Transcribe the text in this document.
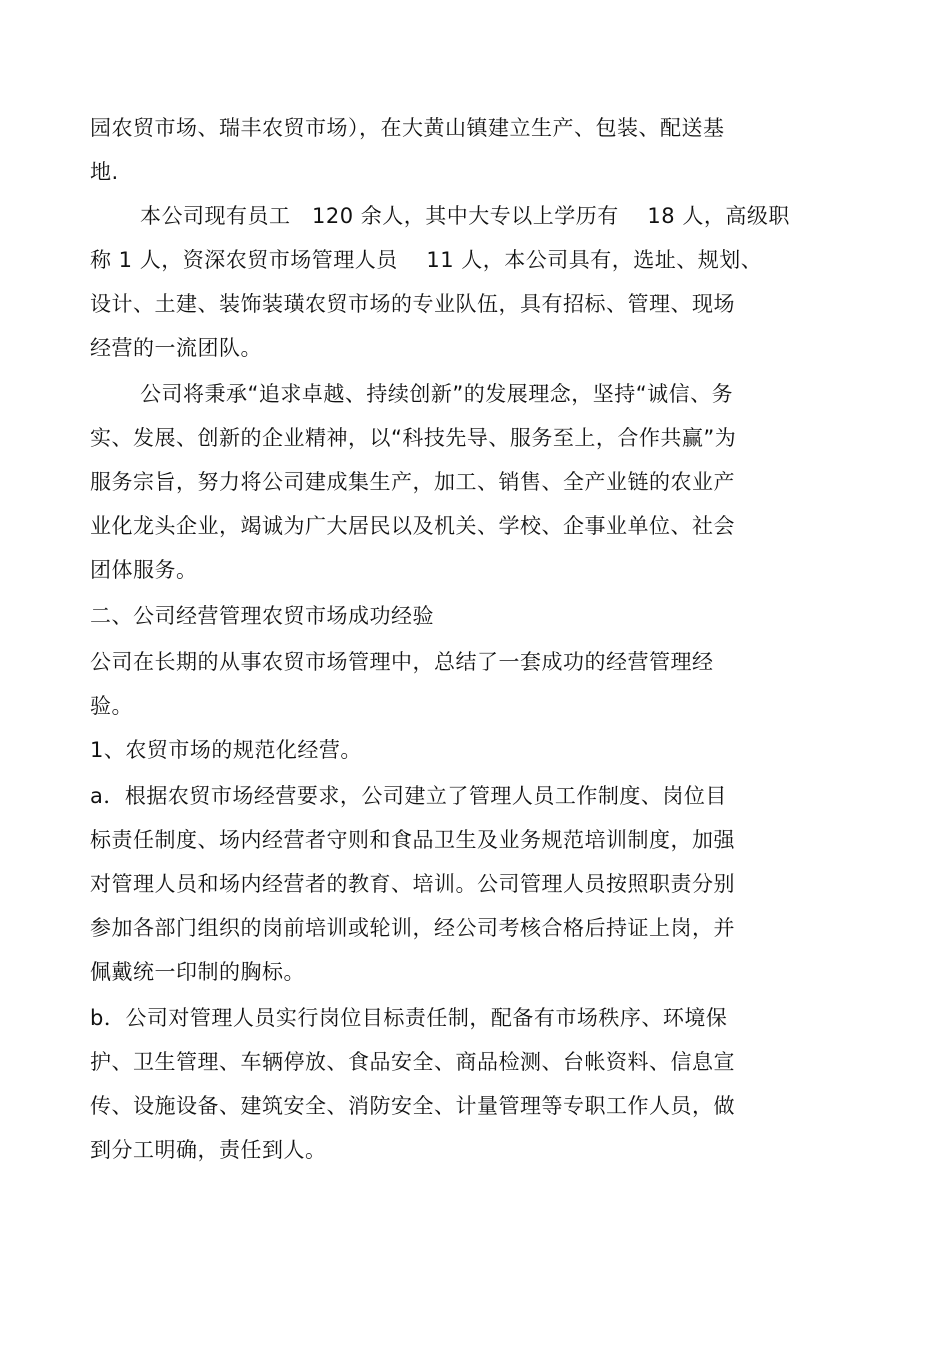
园农贸市场、瑞丰农贸市场），在大黄山镇建立生产、包装、配送基

地.

本公司现有员工　120 余人，其中大专以上学历有　 18 人，高级职

称 1 人，资深农贸市场管理人员　 11 人，本公司具有，选址、规划、

设计、土建、装饰装璜农贸市场的专业队伍，具有招标、管理、现场

经营的一流团队。

公司将秉承“追求卓越、持续创新”的发展理念，坚持“诚信、务

实、发展、创新的企业精神，以“科技先导、服务至上，合作共赢”为

服务宗旨，努力将公司建成集生产，加工、销售、全产业链的农业产

业化龙头企业，竭诚为广大居民以及机关、学校、企事业单位、社会

团体服务。

二、公司经营管理农贸市场成功经验

公司在长期的从事农贸市场管理中，总结了一套成功的经营管理经

验。

1、农贸市场的规范化经营。

a．根据农贸市场经营要求，公司建立了管理人员工作制度、岗位目

标责任制度、场内经营者守则和食品卫生及业务规范培训制度，加强

对管理人员和场内经营者的教育、培训。公司管理人员按照职责分别

参加各部门组织的岗前培训或轮训，经公司考核合格后持证上岗，并

佩戴统一印制的胸标。

b．公司对管理人员实行岗位目标责任制，配备有市场秩序、环境保

护、卫生管理、车辆停放、食品安全、商品检测、台帐资料、信息宣

传、设施设备、建筑安全、消防安全、计量管理等专职工作人员，做

到分工明确，责任到人。
